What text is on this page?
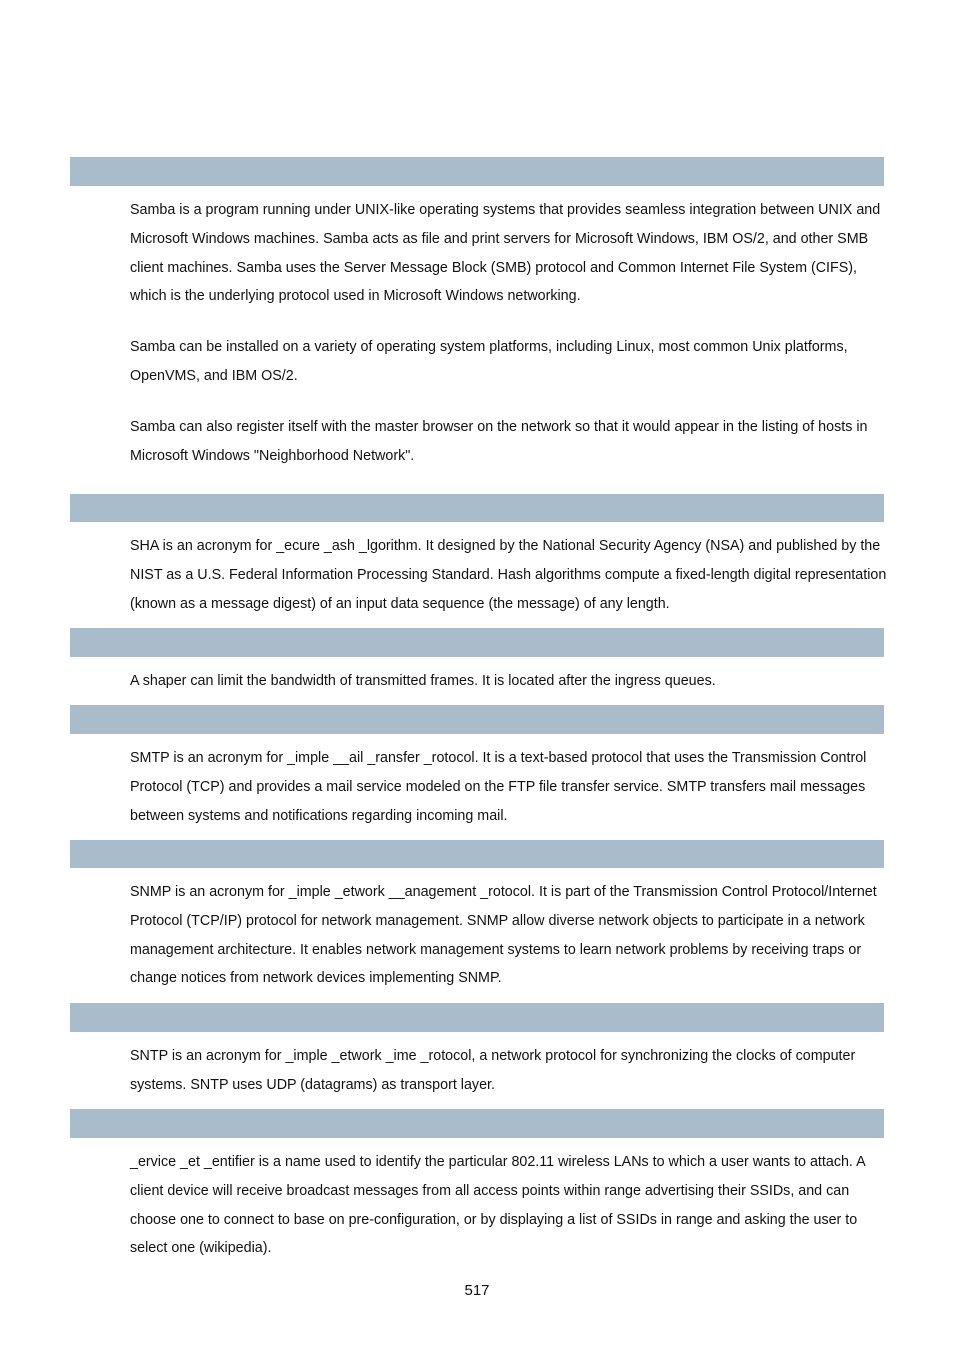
Samba is a program running under UNIX-like operating systems that provides seamless integration between UNIX and Microsoft Windows machines. Samba acts as file and print servers for Microsoft Windows, IBM OS/2, and other SMB client machines. Samba uses the Server Message Block (SMB) protocol and Common Internet File System (CIFS), which is the underlying protocol used in Microsoft Windows networking.

Samba can be installed on a variety of operating system platforms, including Linux, most common Unix platforms, OpenVMS, and IBM OS/2.

Samba can also register itself with the master browser on the network so that it would appear in the listing of hosts in Microsoft Windows "Neighborhood Network".

SHA is an acronym for _ecure _ash _lgorithm. It designed by the National Security Agency (NSA) and published by the NIST as a U.S. Federal Information Processing Standard. Hash algorithms compute a fixed-length digital representation (known as a message digest) of an input data sequence (the message) of any length.

A shaper can limit the bandwidth of transmitted frames. It is located after the ingress queues.

SMTP is an acronym for _imple __ail _ransfer _rotocol. It is a text-based protocol that uses the Transmission Control Protocol (TCP) and provides a mail service modeled on the FTP file transfer service. SMTP transfers mail messages between systems and notifications regarding incoming mail.

SNMP is an acronym for _imple _etwork __anagement _rotocol. It is part of the Transmission Control Protocol/Internet Protocol (TCP/IP) protocol for network management. SNMP allow diverse network objects to participate in a network management architecture. It enables network management systems to learn network problems by receiving traps or change notices from network devices implementing SNMP.

SNTP is an acronym for _imple _etwork _ime _rotocol, a network protocol for synchronizing the clocks of computer systems. SNTP uses UDP (datagrams) as transport layer.

_ervice _et _entifier is a name used to identify the particular 802.11 wireless LANs to which a user wants to attach. A client device will receive broadcast messages from all access points within range advertising their SSIDs, and can choose one to connect to base on pre-configuration, or by displaying a list of SSIDs in range and asking the user to select one (wikipedia).

517
